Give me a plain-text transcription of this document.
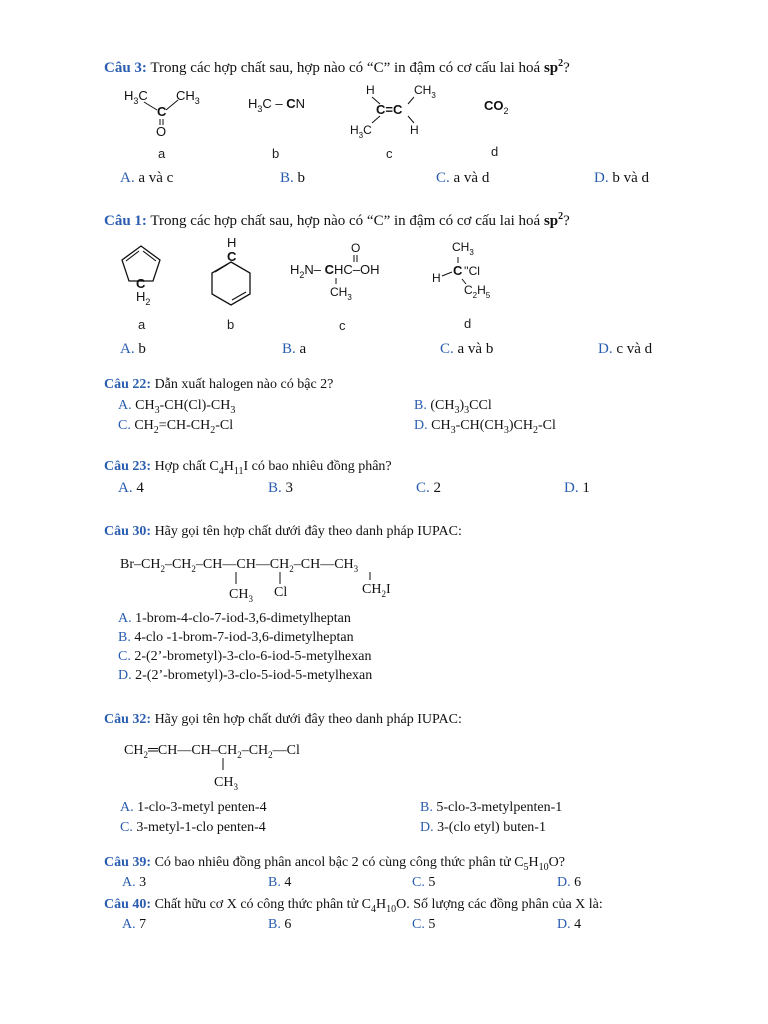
Câu 3: Trong các hợp chất sau, hợp nào có “C” in đậm có cơ cấu lai hoá $sp^2$?
$H_3C$
C
$CH_3$
O
$H_3C$ – CN
H	$CH_3$
C=C
$H_3C$	H
$CO_2$
a	b	c	d
A. a và c	B. b	C. a và d	D. b và d
Câu 1: Trong các hợp chất sau, hợp nào có “C” in đậm có cơ cấu lai hoá $sp^2$?
C
$H_2$
H
C
O
$H_2N-$ CHC–OH
$CH_3$
$CH_3$
H C ''Cl
$C_2H_5$
a	b	c	d
A. b	B. a	C. a và b	D. c và d
Câu 22: Dẫn xuất halogen nào có bậc 2?
A. $CH_3-CH(Cl)-CH_3$	B. $(CH_3)_3CCl$
C. $CH_2=CH-CH_2-Cl$	D. $CH_3-CH(CH_3)CH_2-Cl$
Câu 23: Hợp chất $C_4H_{11}I$ có bao nhiêu đồng phân?
A. 4	B. 3	C. 2	D. 1
Câu 30: Hãy gọi tên hợp chất dưới đây theo danh pháp IUPAC:
$Br-CH_2-CH_2-CH—CH—CH_2-CH—CH_3$
$CH_3$ Cl	$CH_2I$
A. 1-brom-4-clo-7-iod-3,6-dimetylheptan
B. 4-clo -1-brom-7-iod-3,6-dimetylheptan
C. 2-(2’-brometyl)-3-clo-6-iod-5-metylhexan
D. 2-(2’-brometyl)-3-clo-5-iod-5-metylhexan
Câu 32: Hãy gọi tên hợp chất dưới đây theo danh pháp IUPAC:
$CH_2═CH—CH-CH_2-CH_2—Cl$
$CH_3$
A. 1-clo-3-metyl penten-4	B. 5-clo-3-metylpenten-1
C. 3-metyl-1-clo penten-4	D. 3-(clo etyl) buten-1
Câu 39: Có bao nhiêu đồng phân ancol bậc 2 có cùng công thức phân tử $C_5H_{10}O$?
A. 3	B. 4	C. 5	D. 6
Câu 40: Chất hữu cơ X có công thức phân tử $C_4H_{10}O$. Số lượng các đồng phân của X là:
A. 7	B. 6	C. 5	D. 4
